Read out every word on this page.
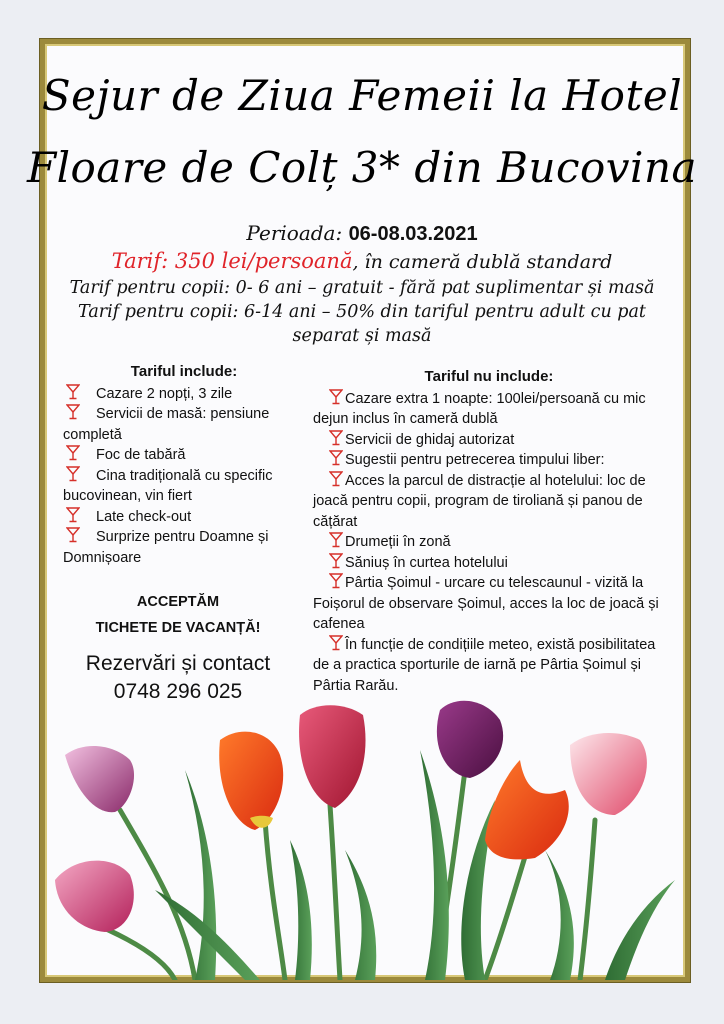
Sejur de Ziua Femeii la Hotel
Floare de Colț 3* din Bucovina
Perioada: 06-08.03.2021
Tarif: 350 lei/persoană, în cameră dublă standard
Tarif pentru copii: 0- 6 ani – gratuit - fără pat suplimentar și masă
Tarif pentru copii: 6-14 ani – 50% din tariful pentru adult cu pat separat și masă
Tariful include:
Cazare 2 nopți, 3 zile
Servicii de masă: pensiune completă
Foc de tabără
Cina tradițională cu specific bucovinean, vin fiert
Late check-out
Surprize pentru Doamne și Domnișoare
Tariful nu include:
Cazare extra 1 noapte: 100lei/persoană cu mic dejun inclus în cameră dublă
Servicii de ghidaj autorizat
Sugestii pentru petrecerea timpului liber:
Acces la parcul de distracție al hotelului: loc de joacă pentru copii, program de tiroliană și panou de cățărat
Drumeții în zonă
Săniuș în curtea hotelului
Pârtia Șoimul - urcare cu telescaunul - vizită la Foișorul de observare Șoimul, acces la loc de joacă și cafenea
În funcție de condițiile meteo, există posibilitatea de a practica sporturile de iarnă pe Pârtia Șoimul și Pârtia Rarău.
ACCEPTĂM
TICHETE DE VACANȚĂ!
Rezervări și contact
0748 296 025
